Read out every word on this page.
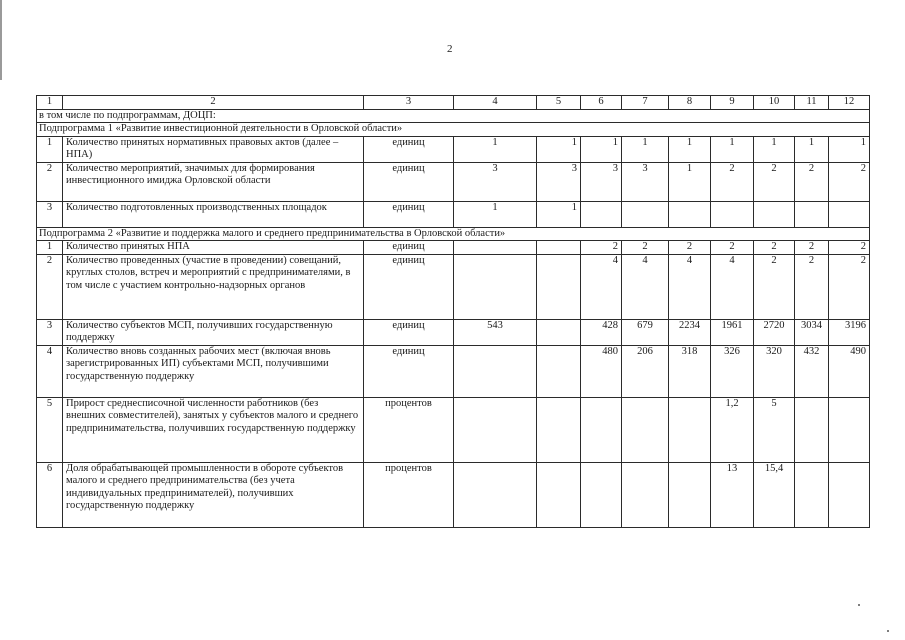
2
1	2	3	4	5	6	7	8	9	10	11	12
в том числе по подпрограммам, ДОЦП:											
Подпрограмма 1 «Развитие инвестиционной деятельности в Орловской области»											
1	Количество принятых нормативных правовых актов (далее – НПА)	единиц	1	1	1	1	1	1	1	1	1
2	Количество мероприятий, значимых для формирования инвестиционного имиджа Орловской области	единиц	3	3	3	3	1	2	2	2	2
3	Количество подготовленных производственных площадок	единиц	1	1							
Подпрограмма 2 «Развитие и поддержка малого и среднего предпринимательства в Орловской области»											
1	Количество принятых НПА	единиц			2	2	2	2	2	2	2
2	Количество проведенных (участие в проведении) совещаний, круглых столов, встреч и мероприятий с предпринимателями, в том числе с участием контрольно-надзорных органов	единиц			4	4	4	4	2	2	2
3	Количество субъектов МСП, получивших государственную поддержку	единиц	543		428	679	2234	1961	2720	3034	3196
4	Количество вновь созданных рабочих мест (включая вновь зарегистрированных ИП) субъектами МСП, получившими государственную поддержку	единиц			480	206	318	326	320	432	490
5	Прирост среднесписочной численности работников (без внешних совместителей), занятых у субъектов малого и среднего предпринимательства, получивших государственную поддержку	процентов						1,2	5		
6	Доля обрабатывающей промышленности в обороте субъектов малого и среднего предпринимательства (без учета индивидуальных предпринимателей), получивших государственную поддержку	процентов						13	15,4		
